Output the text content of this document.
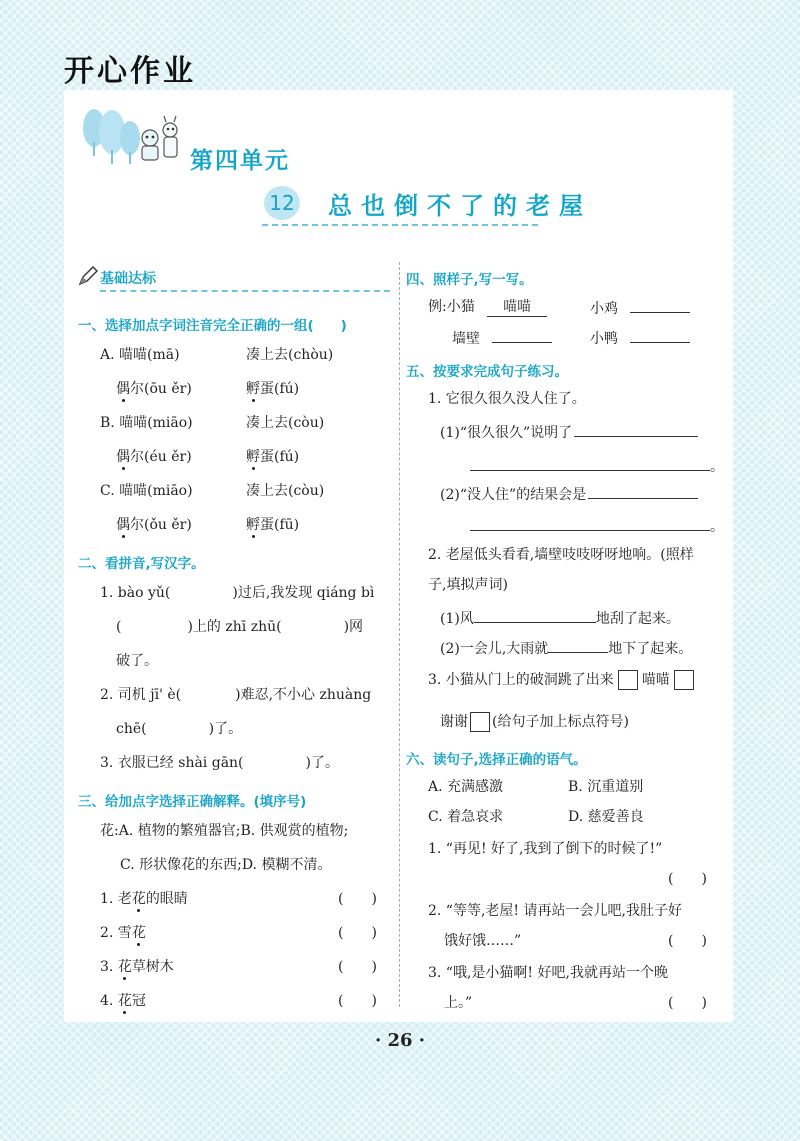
开心作业
第四单元
12 总也倒不了的老屋
基础达标
一、选择加点字词注音完全正确的一组(　　)
A. 喵喵(mā)	凑上去(chòu)
偶尔(ōu ěr)	孵蛋(fú)
B. 喵喵(miāo)	凑上去(còu)
偶尔(éu ěr)	孵蛋(fú)
C. 喵喵(miāo)	凑上去(còu)
偶尔(ǒu ěr)	孵蛋(fū)
二、看拼音,写汉字。
1. bào yǔ(	)过后,我发现 qiáng bì
(	)上的 zhī zhū(	)网
破了。
2. 司机 jī' è(	)难忍,不小心 zhuàng
chē(	)了。
3. 衣服已经 shài gān(	)了。
三、给加点字选择正确解释。(填序号)
花:A. 植物的繁殖器官;B. 供观赏的植物;
C. 形状像花的东西;D. 模糊不清。
1. 老花的眼睛	(　　)
2. 雪花	(　　)
3. 花草树木	(　　)
4. 花冠	(　　)
四、照样子,写一写。
例:小猫 喵喵	小鸡
墙壁	小鸭
五、按要求完成句子练习。
1. 它很久很久没人住了。
(1)“很久很久”说明了
。
(2)“没人住”的结果会是
。
2. 老屋低头看看,墙壁吱吱呀呀地响。(照样
子,填拟声词)
(1)风	地刮了起来。
(2)一会儿,大雨就	地下了起来。
3. 小猫从门上的破洞跳了出来 喵喵
谢谢 (给句子加上标点符号)
六、读句子,选择正确的语气。
A. 充满感激	B. 沉重道别
C. 着急哀求	D. 慈爱善良
1. “再见! 好了,我到了倒下的时候了!”
(　　)
2. “等等,老屋! 请再站一会儿吧,我肚子好
饿好饿……”	(　　)
3. “哦,是小猫啊! 好吧,我就再站一个晚
上。”	(　　)
· 26 ·
